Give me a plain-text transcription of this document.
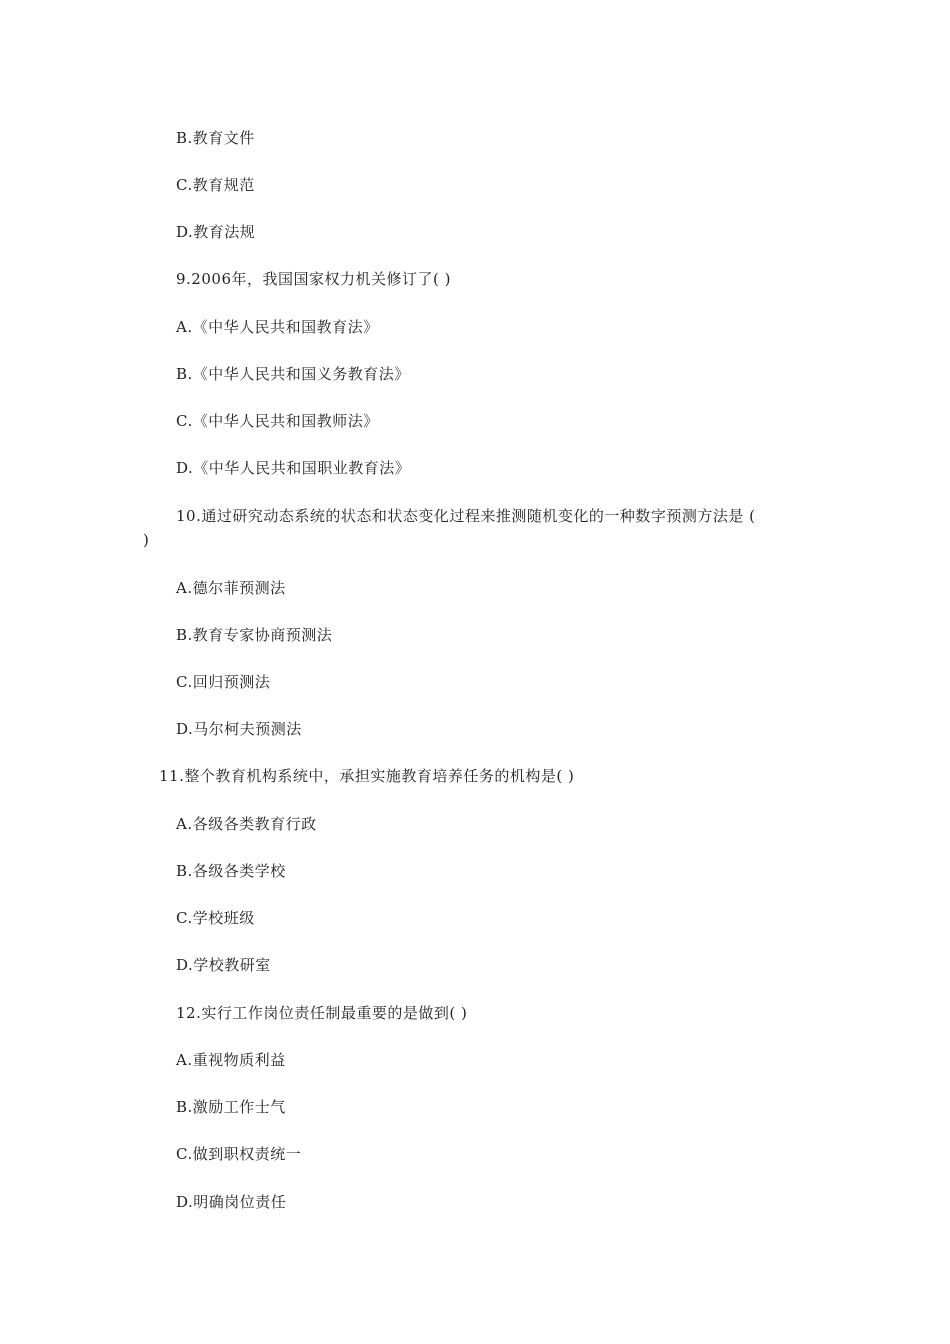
B.教育文件
C.教育规范
D.教育法规
9.2006年，我国国家权力机关修订了( )
A.《中华人民共和国教育法》
B.《中华人民共和国义务教育法》
C.《中华人民共和国教师法》
D.《中华人民共和国职业教育法》
10.通过研究动态系统的状态和状态变化过程来推测随机变化的一种数字预测方法是 (
)
A.德尔菲预测法
B.教育专家协商预测法
C.回归预测法
D.马尔柯夫预测法
11.整个教育机构系统中，承担实施教育培养任务的机构是( )
A.各级各类教育行政
B.各级各类学校
C.学校班级
D.学校教研室
12.实行工作岗位责任制最重要的是做到( )
A.重视物质利益
B.激励工作士气
C.做到职权责统一
D.明确岗位责任
